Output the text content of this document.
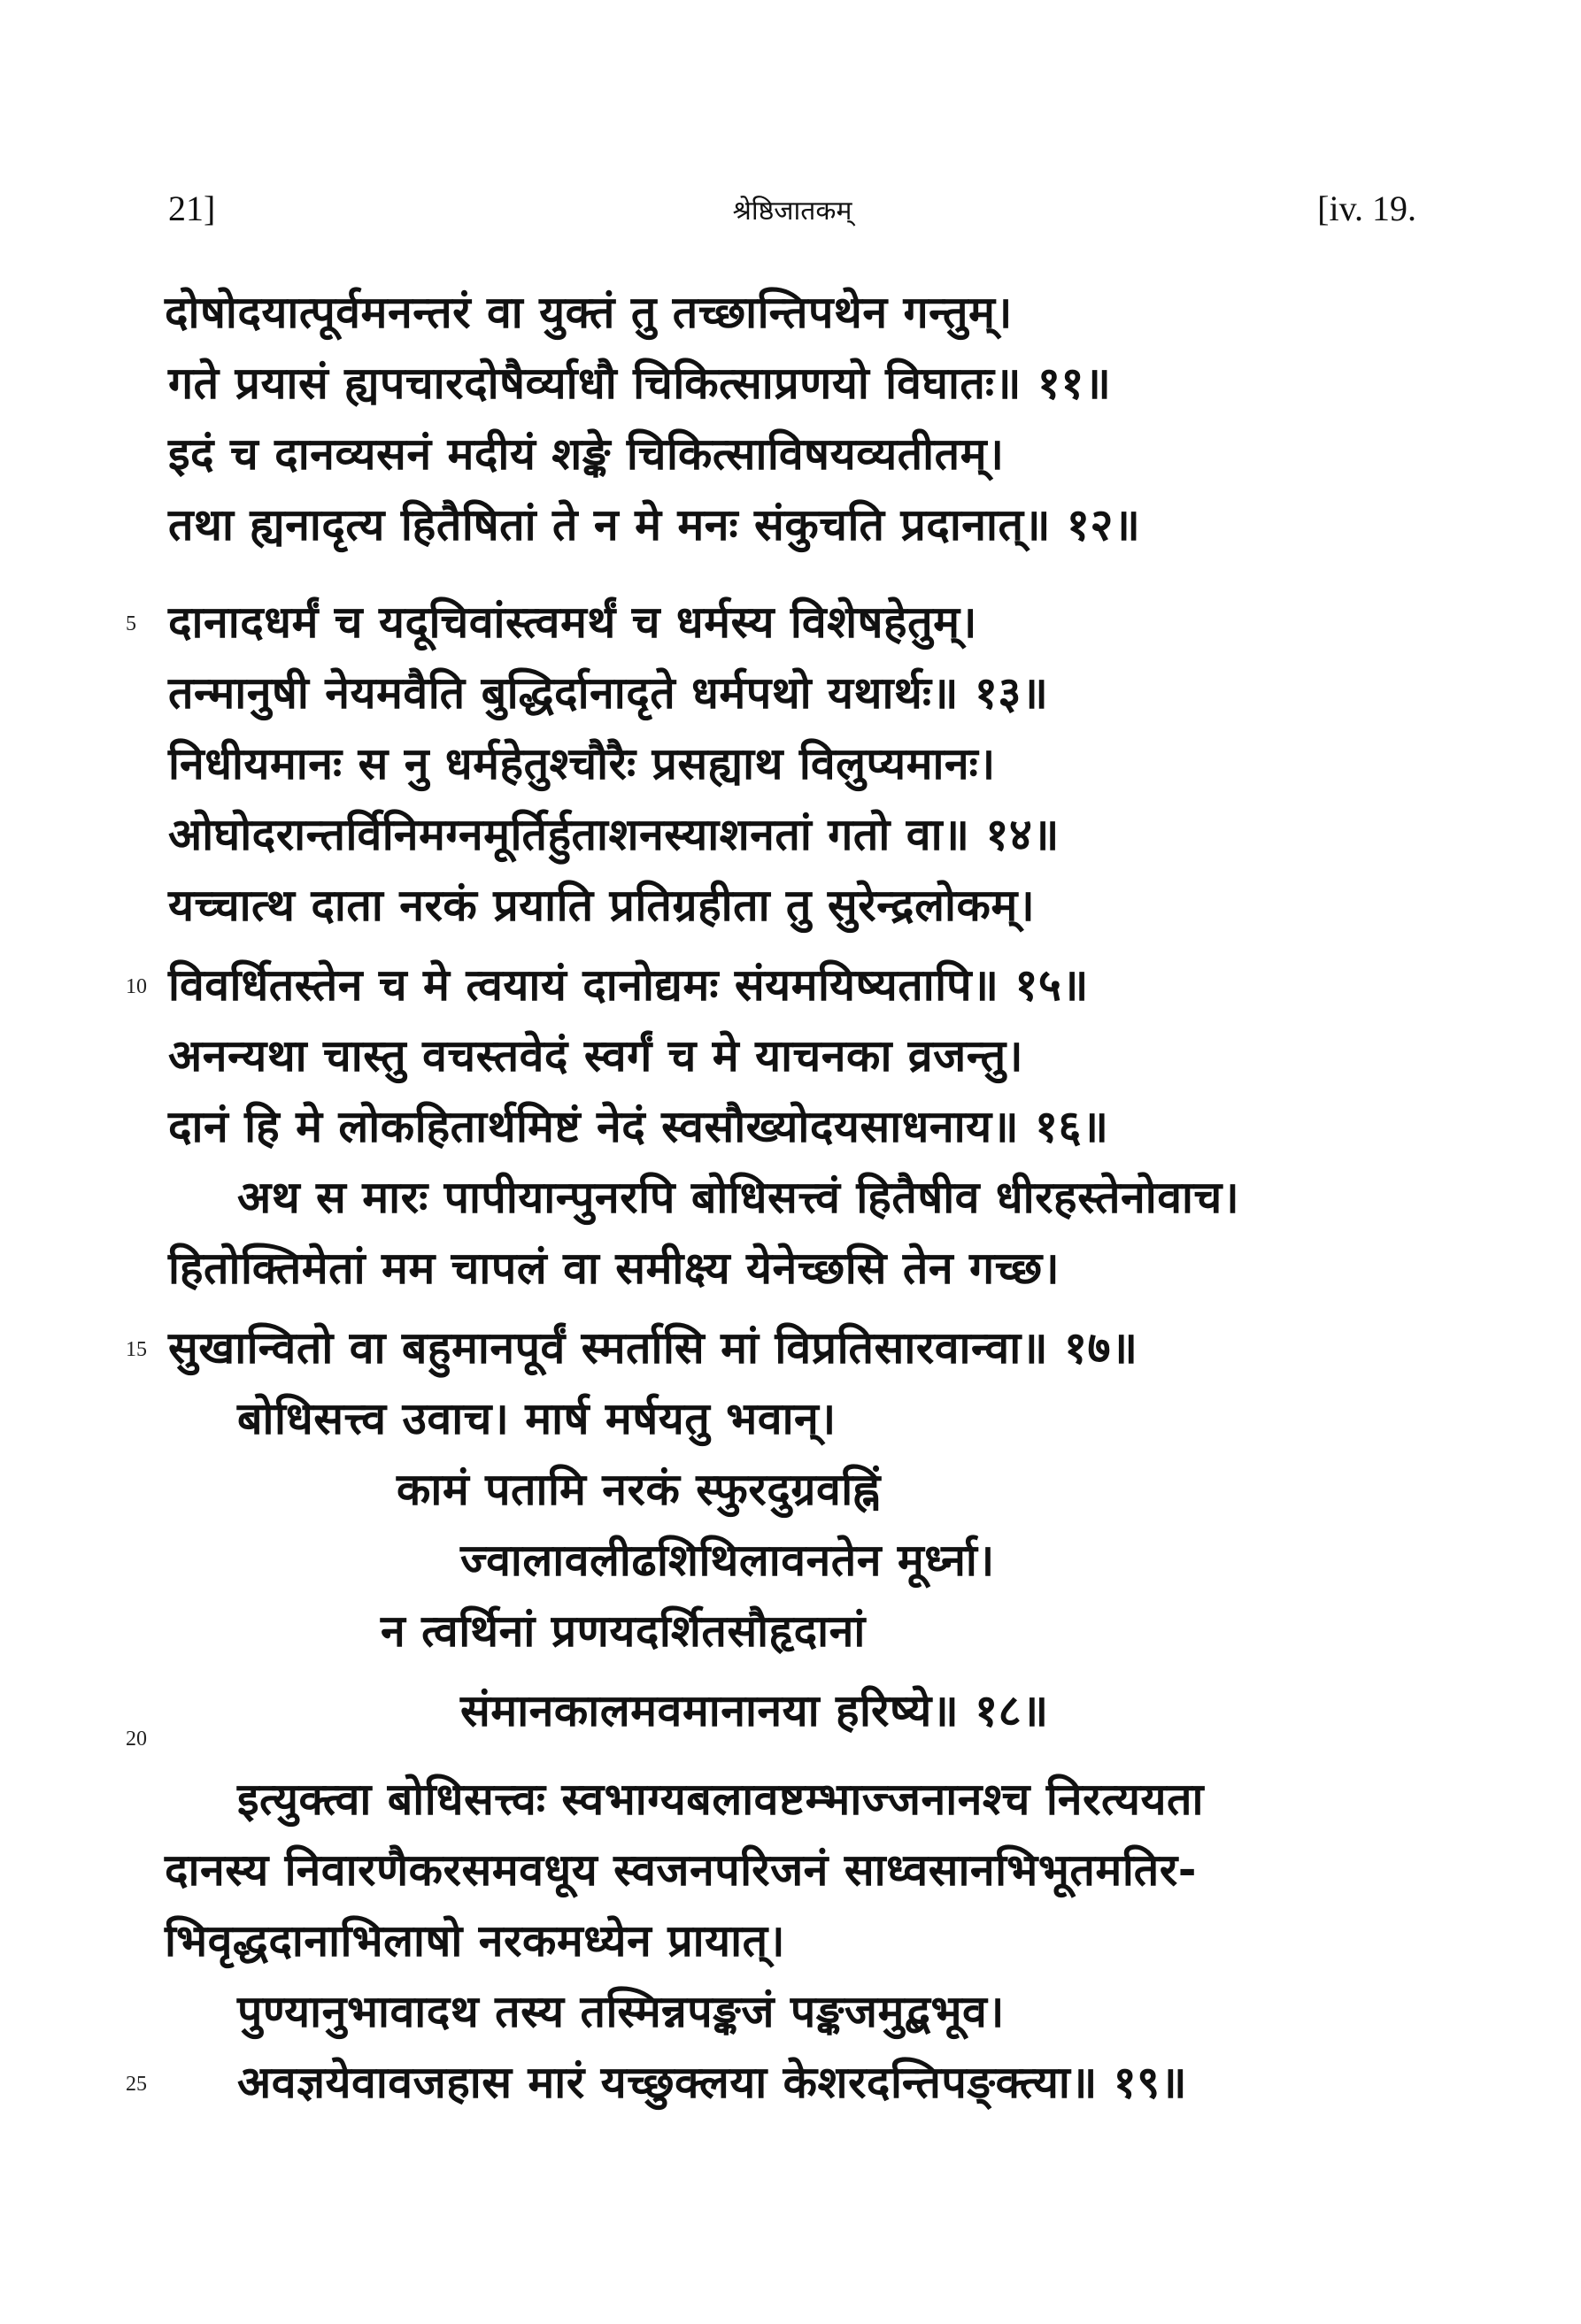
21]	श्रेष्ठिजातकम्	[iv. 19.
दोषोदयात्पूर्वमनन्तरं वा युक्तं तु तच्छान्तिपथेन गन्तुम्।
गते प्रयासं ह्यपचारदोषैर्व्याधौ चिकित्साप्रणयो विघातः॥ ११॥
इदं च दानव्यसनं मदीयं शङ्के चिकित्साविषयव्यतीतम्।
तथा ह्यनादृत्य हितैषितां ते न मे मनः संकुचति प्रदानात्॥ १२॥
5 दानादधर्मं च यदूचिवांस्त्वमर्थं च धर्मस्य विशेषहेतुम्।
तन्मानुषी नेयमवैति बुद्धिर्दानादृते धर्मपथो यथार्थः॥ १३॥
निधीयमानः स नु धर्महेतुश्चौरैः प्रसह्याथ विलुप्यमानः।
ओघोदरान्तर्विनिमग्नमूर्तिर्हुताशनस्याशनतां गतो वा॥ १४॥
यच्चात्थ दाता नरकं प्रयाति प्रतिग्रहीता तु सुरेन्द्रलोकम्।
10 विवर्धितस्तेन च मे त्वयायं दानोद्यमः संयमयिष्यतापि॥ १५॥
अनन्यथा चास्तु वचस्तवेदं स्वर्गं च मे याचनका व्रजन्तु।
दानं हि मे लोकहितार्थमिष्टं नेदं स्वसौख्योदयसाधनाय॥ १६॥
अथ स मारः पापीयान्पुनरपि बोधिसत्त्वं हितैषीव धीरहस्तेनोवाच।
हितोक्तिमेतां मम चापलं वा समीक्ष्य येनेच्छसि तेन गच्छ।
15 सुखान्वितो वा बहुमानपूर्वं स्मर्तासि मां विप्रतिसारवान्वा॥ १७॥
बोधिसत्त्व उवाच। मार्ष मर्षयतु भवान्।
कामं पतामि नरकं स्फुरदुग्रवह्निं
ज्वालावलीढशिथिलावनतेन मूर्ध्ना।
न त्वर्थिनां प्रणयदर्शितसौहृदानां
20
संमानकालमवमानानया हरिष्ये॥ १८॥
इत्युक्त्वा बोधिसत्त्वः स्वभाग्यबलावष्टम्भाज्जनानश्च निरत्ययता
दानस्य निवारणैकरसमवधूय स्वजनपरिजनं साध्वसानभिभूतमतिर-
भिवृद्धदानाभिलाषो नरकमध्येन प्रायात्।
पुण्यानुभावादथ तस्य तस्मिन्नपङ्कजं पङ्कजमुद्बभूव।
25 अवज्ञयेवावजहास मारं यच्छुक्लया केशरदन्तिपङ्क्त्या॥ १९॥
